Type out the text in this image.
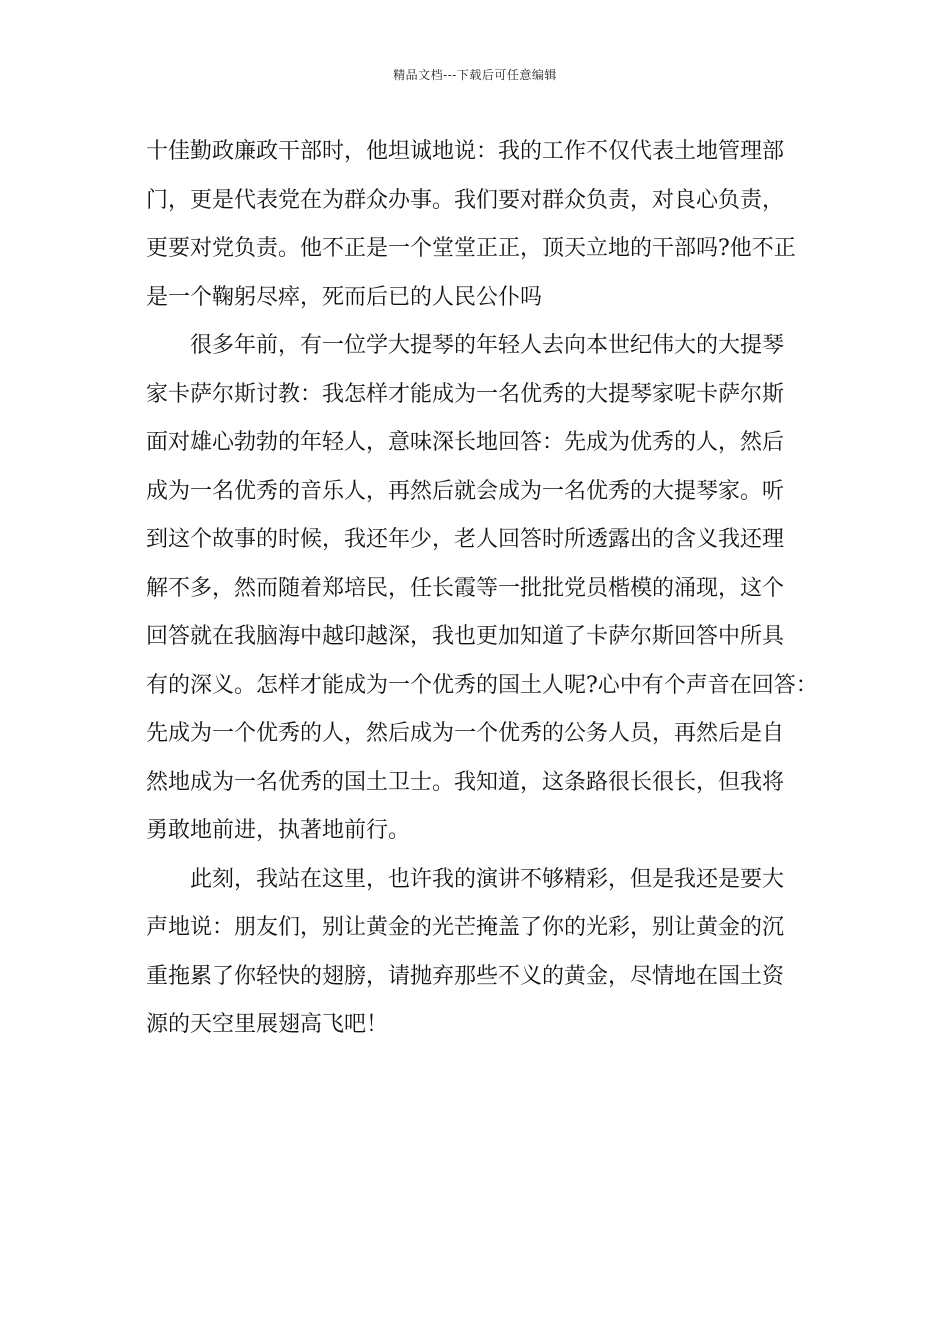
精品文档---下载后可任意编辑
十佳勤政廉政干部时，他坦诚地说：我的工作不仅代表土地管理部
门，更是代表党在为群众办事。我们要对群众负责，对良心负责，
更要对党负责。他不正是一个堂堂正正，顶天立地的干部吗?他不正
是一个鞠躬尽瘁，死而后已的人民公仆吗
很多年前，有一位学大提琴的年轻人去向本世纪伟大的大提琴
家卡萨尔斯讨教：我怎样才能成为一名优秀的大提琴家呢卡萨尔斯
面对雄心勃勃的年轻人，意味深长地回答：先成为优秀的人，然后
成为一名优秀的音乐人，再然后就会成为一名优秀的大提琴家。听
到这个故事的时候，我还年少，老人回答时所透露出的含义我还理
解不多，然而随着郑培民，任长霞等一批批党员楷模的涌现，这个
回答就在我脑海中越印越深，我也更加知道了卡萨尔斯回答中所具
有的深义。怎样才能成为一个优秀的国土人呢?心中有个声音在回答：
先成为一个优秀的人，然后成为一个优秀的公务人员，再然后是自
然地成为一名优秀的国土卫士。我知道，这条路很长很长，但我将
勇敢地前进，执著地前行。
此刻，我站在这里，也许我的演讲不够精彩，但是我还是要大
声地说：朋友们，别让黄金的光芒掩盖了你的光彩，别让黄金的沉
重拖累了你轻快的翅膀，请抛弃那些不义的黄金，尽情地在国土资
源的天空里展翅高飞吧！
